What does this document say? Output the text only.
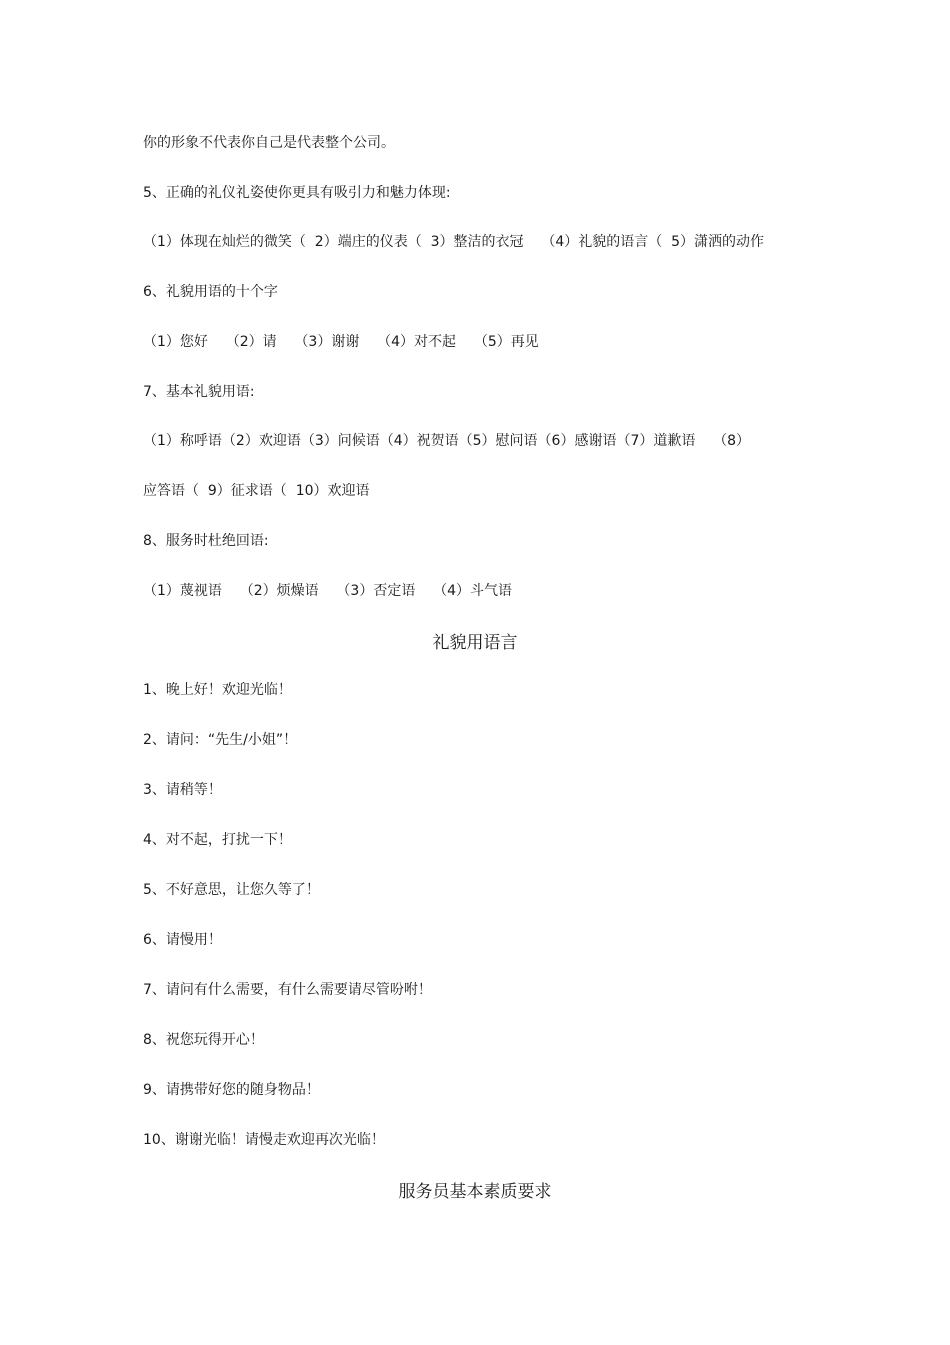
你的形象不代表你自己是代表整个公司。
5、正确的礼仪礼姿使你更具有吸引力和魅力体现:
（1）体现在灿烂的微笑（  2）端庄的仪表（  3）整洁的衣冠    （4）礼貌的语言（  5）潇洒的动作
6、礼貌用语的十个字
（1）您好    （2）请    （3）谢谢    （4）对不起    （5）再见
7、基本礼貌用语:
（1）称呼语（2）欢迎语（3）问候语（4）祝贺语（5）慰问语（6）感谢语（7）道歉语    （8）
应答语（  9）征求语（  10）欢迎语
8、服务时杜绝回语:
（1）蔑视语    （2）烦燥语    （3）否定语    （4）斗气语
礼貌用语言
1、晚上好！欢迎光临！
2、请问：“先生/小姐”！
3、请稍等！
4、对不起，打扰一下！
5、不好意思，让您久等了！
6、请慢用！
7、请问有什么需要，有什么需要请尽管吩咐！
8、祝您玩得开心！
9、请携带好您的随身物品！
10、谢谢光临！请慢走欢迎再次光临！
服务员基本素质要求
